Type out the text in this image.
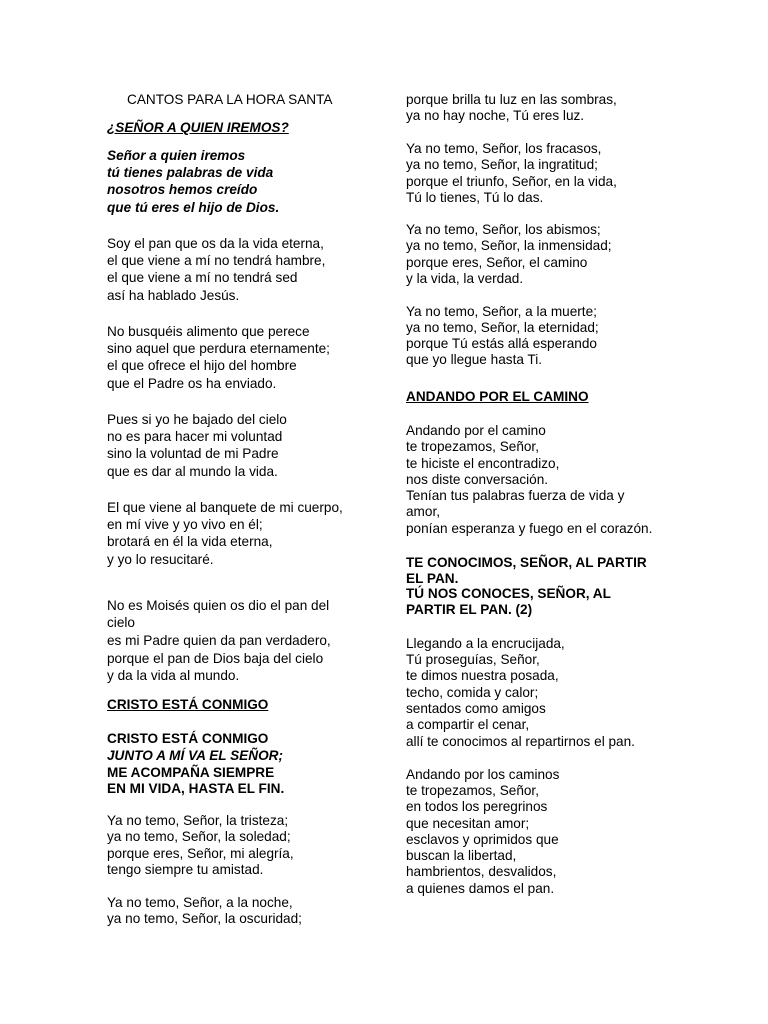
CANTOS PARA LA HORA SANTA
¿SEÑOR A QUIEN IREMOS?
Señor a quien iremos
tú tienes palabras de vida
nosotros hemos creído
que tú eres el hijo de Dios.
Soy el pan que os da la vida eterna,
el que viene a mí no tendrá hambre,
el que viene a mí no tendrá sed
así ha hablado Jesús.
No busquéis alimento que perece
sino aquel que perdura eternamente;
el que ofrece el hijo del hombre
que el Padre os ha enviado.
Pues si yo he bajado del cielo
no es para hacer mi voluntad
sino la voluntad de mi Padre
que es dar al mundo la vida.
El que viene al banquete de mi cuerpo,
en mí vive y yo vivo en él;
brotará en él la vida eterna,
y yo lo resucitaré.
No es Moisés quien os dio el pan del
cielo
es mi Padre quien da pan verdadero,
porque el pan de Dios baja del cielo
y da la vida al mundo.
CRISTO ESTÁ CONMIGO
CRISTO ESTÁ CONMIGO
JUNTO A MÍ VA EL SEÑOR;
ME ACOMPAÑA SIEMPRE
EN MI VIDA, HASTA EL FIN.
Ya no temo, Señor, la tristeza;
ya no temo, Señor, la soledad;
porque eres, Señor, mi alegría,
tengo siempre tu amistad.
Ya no temo, Señor, a la noche,
ya no temo, Señor, la oscuridad;
porque brilla tu luz en las sombras,
ya no hay noche, Tú eres luz.
Ya no temo, Señor, los fracasos,
ya no temo, Señor, la ingratitud;
porque el triunfo, Señor, en la vida,
Tú lo tienes, Tú lo das.
Ya no temo, Señor, los abismos;
ya no temo, Señor, la inmensidad;
porque eres, Señor, el camino
y la vida, la verdad.
Ya no temo, Señor, a la muerte;
ya no temo, Señor, la eternidad;
porque Tú estás allá esperando
que yo llegue hasta Ti.
ANDANDO POR EL CAMINO
Andando por el camino
te tropezamos, Señor,
te hiciste el encontradizo,
nos diste conversación.
Tenían tus palabras fuerza de vida y
amor,
ponían esperanza y fuego en el corazón.
TE CONOCIMOS, SEÑOR, AL PARTIR
EL PAN.
TÚ NOS CONOCES, SEÑOR, AL
PARTIR EL PAN. (2)
Llegando a la encrucijada,
Tú proseguías, Señor,
te dimos nuestra posada,
techo, comida y calor;
sentados como amigos
a compartir el cenar,
allí te conocimos al repartirnos el pan.
Andando por los caminos
te tropezamos, Señor,
en todos los peregrinos
que necesitan amor;
esclavos y oprimidos que
buscan la libertad,
hambrientos, desvalidos,
a quienes damos el pan.
